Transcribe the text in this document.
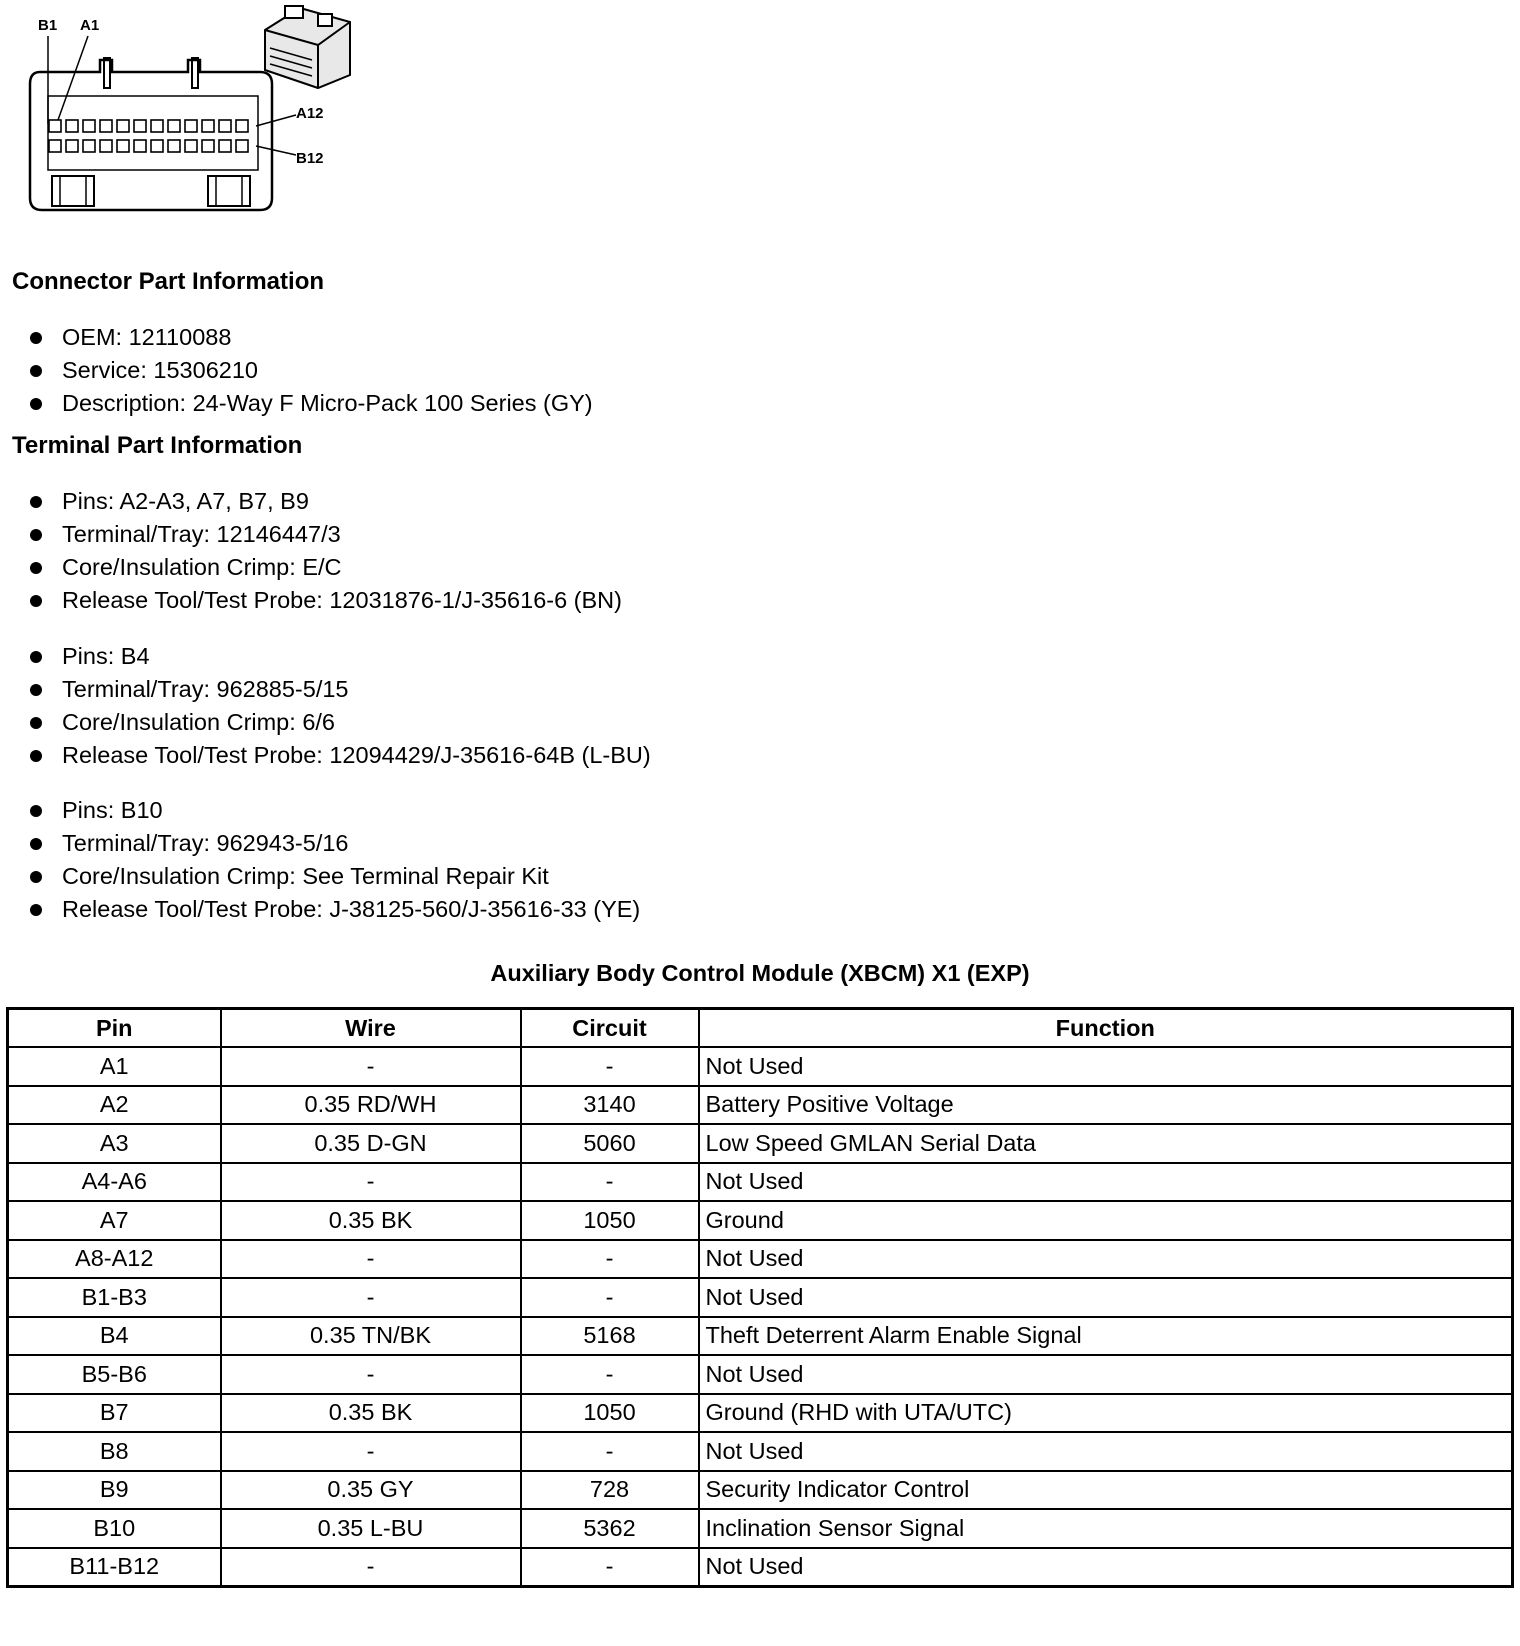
B1 A1
A12
B12
Connector Part Information
OEM: 12110088
Service: 15306210
Description: 24-Way F Micro-Pack 100 Series (GY)
Terminal Part Information
Pins: A2-A3, A7, B7, B9
Terminal/Tray: 12146447/3
Core/Insulation Crimp: E/C
Release Tool/Test Probe: 12031876-1/J-35616-6 (BN)
Pins: B4
Terminal/Tray: 962885-5/15
Core/Insulation Crimp: 6/6
Release Tool/Test Probe: 12094429/J-35616-64B (L-BU)
Pins: B10
Terminal/Tray: 962943-5/16
Core/Insulation Crimp: See Terminal Repair Kit
Release Tool/Test Probe: J-38125-560/J-35616-33 (YE)
Auxiliary Body Control Module (XBCM) X1 (EXP)
Pin	Wire	Circuit	Function
A1	-	-	Not Used
A2	0.35 RD/WH	3140	Battery Positive Voltage
A3	0.35 D-GN	5060	Low Speed GMLAN Serial Data
A4-A6	-	-	Not Used
A7	0.35 BK	1050	Ground
A8-A12	-	-	Not Used
B1-B3	-	-	Not Used
B4	0.35 TN/BK	5168	Theft Deterrent Alarm Enable Signal
B5-B6	-	-	Not Used
B7	0.35 BK	1050	Ground (RHD with UTA/UTC)
B8	-	-	Not Used
B9	0.35 GY	728	Security Indicator Control
B10	0.35 L-BU	5362	Inclination Sensor Signal
B11-B12	-	-	Not Used
